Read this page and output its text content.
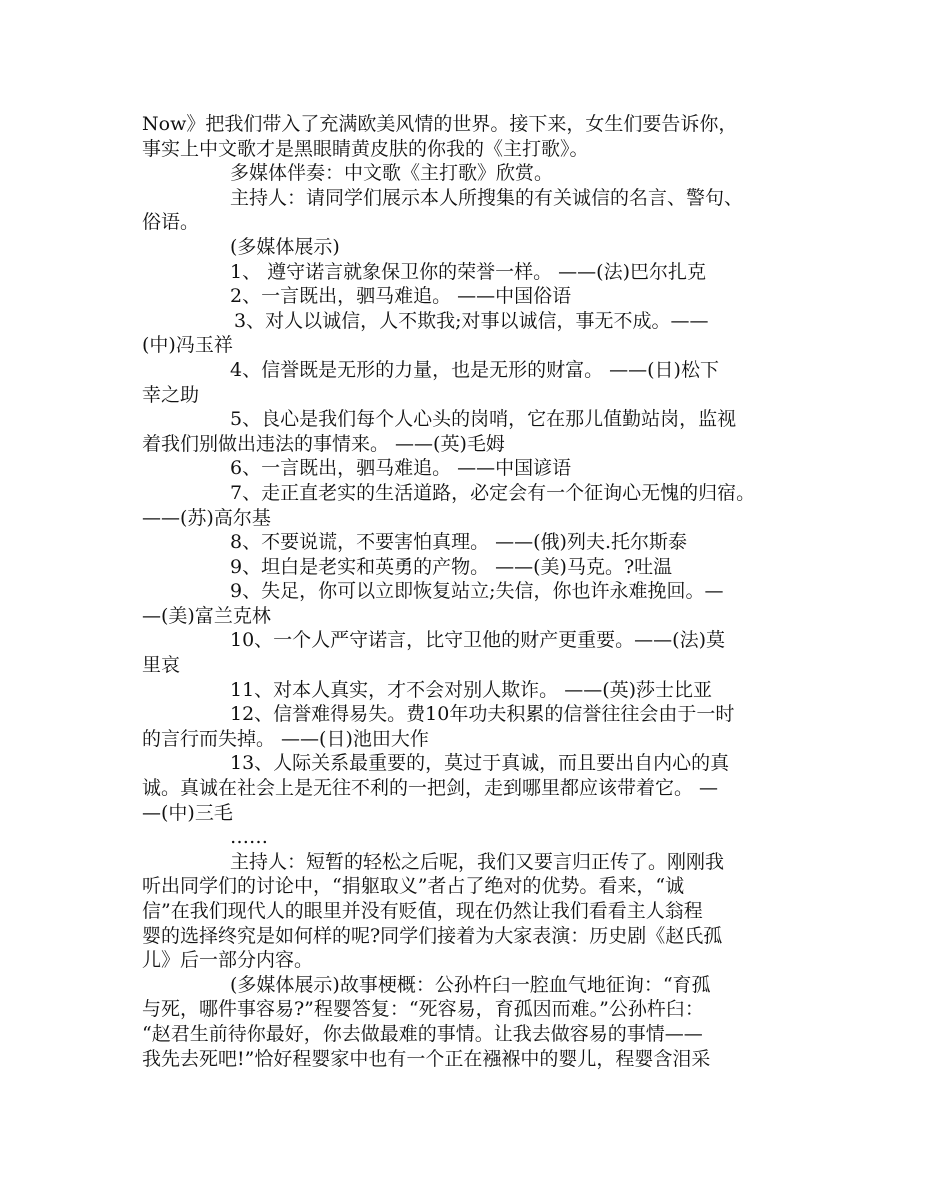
Now》把我们带入了充满欧美风情的世界。接下来，女生们要告诉你，
事实上中文歌才是黑眼睛黄皮肤的你我的《主打歌》。
多媒体伴奏：中文歌《主打歌》欣赏。
主持人：请同学们展示本人所搜集的有关诚信的名言、警句、
俗语。
(多媒体展示)
1、 遵守诺言就象保卫你的荣誉一样。 ——(法)巴尔扎克
2、一言既出，驷马难追。 ——中国俗语
3、对人以诚信，人不欺我;对事以诚信，事无不成。——
(中)冯玉祥
4、信誉既是无形的力量，也是无形的财富。 ——(日)松下
幸之助
5、良心是我们每个人心头的岗哨，它在那儿值勤站岗，监视
着我们别做出违法的事情来。 ——(英)毛姆
6、一言既出，驷马难追。 ——中国谚语
7、走正直老实的生活道路，必定会有一个征询心无愧的归宿。
——(苏)高尔基
8、不要说谎，不要害怕真理。 ——(俄)列夫.托尔斯泰
9、坦白是老实和英勇的产物。 ——(美)马克。?吐温
9、失足，你可以立即恢复站立;失信，你也许永难挽回。—
—(美)富兰克林
10、一个人严守诺言，比守卫他的财产更重要。——(法)莫
里哀
11、对本人真实，才不会对别人欺诈。 ——(英)莎士比亚
12、信誉难得易失。费10年功夫积累的信誉往往会由于一时
的言行而失掉。 ——(日)池田大作
13、人际关系最重要的，莫过于真诚，而且要出自内心的真
诚。真诚在社会上是无往不利的一把剑，走到哪里都应该带着它。 —
—(中)三毛
……
主持人：短暂的轻松之后呢，我们又要言归正传了。刚刚我
听出同学们的讨论中，“捐躯取义”者占了绝对的优势。看来，“诚
信”在我们现代人的眼里并没有贬值，现在仍然让我们看看主人翁程
婴的选择终究是如何样的呢?同学们接着为大家表演：历史剧《赵氏孤
儿》后一部分内容。
(多媒体展示)故事梗概：公孙杵臼一腔血气地征询：“育孤
与死，哪件事容易?”程婴答复：“死容易，育孤因而难。”公孙杵臼：
“赵君生前待你最好，你去做最难的事情。让我去做容易的事情——
我先去死吧!”恰好程婴家中也有一个正在襁褓中的婴儿，程婴含泪采
